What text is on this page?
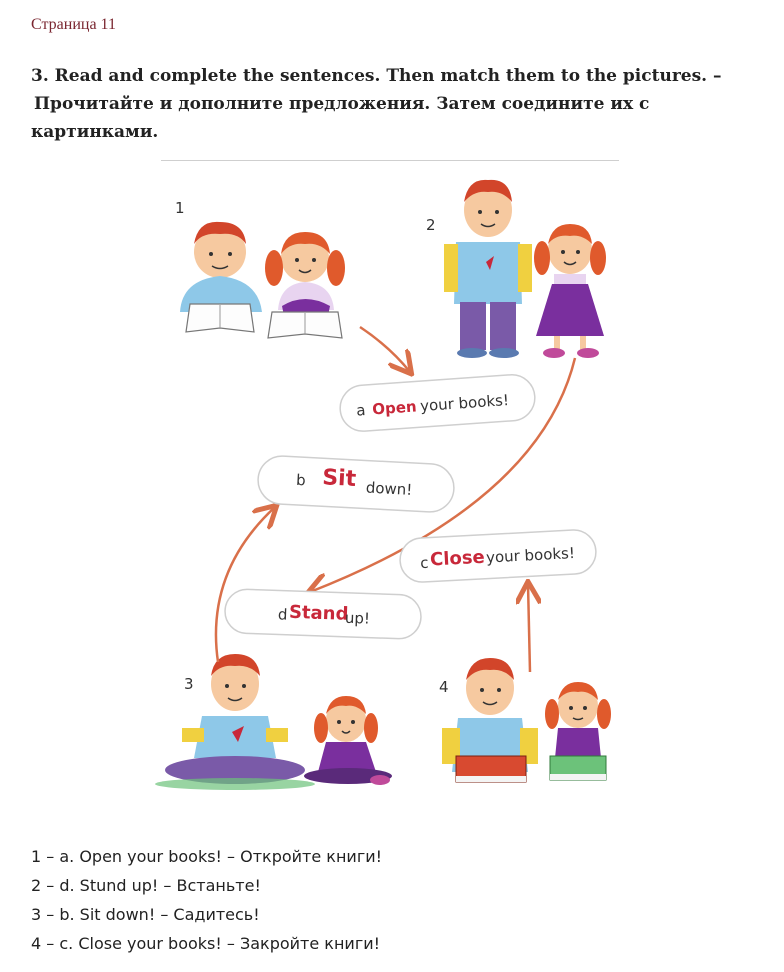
Страница 11
3. Read and complete the sentences. Then match them to the pictures. –

Прочитайте и дополните предложения. Затем соедините их с
картинками.
1
2
3	4
a Open your books!
b Sit down!
c Close your books!
d Stand
up!
1 – a. Open your books! – Откройте книги!
2 – d. Stund up! – Встаньте!
3 – b. Sit down! – Садитесь!
4 – c. Close your books! – Закройте книги!
